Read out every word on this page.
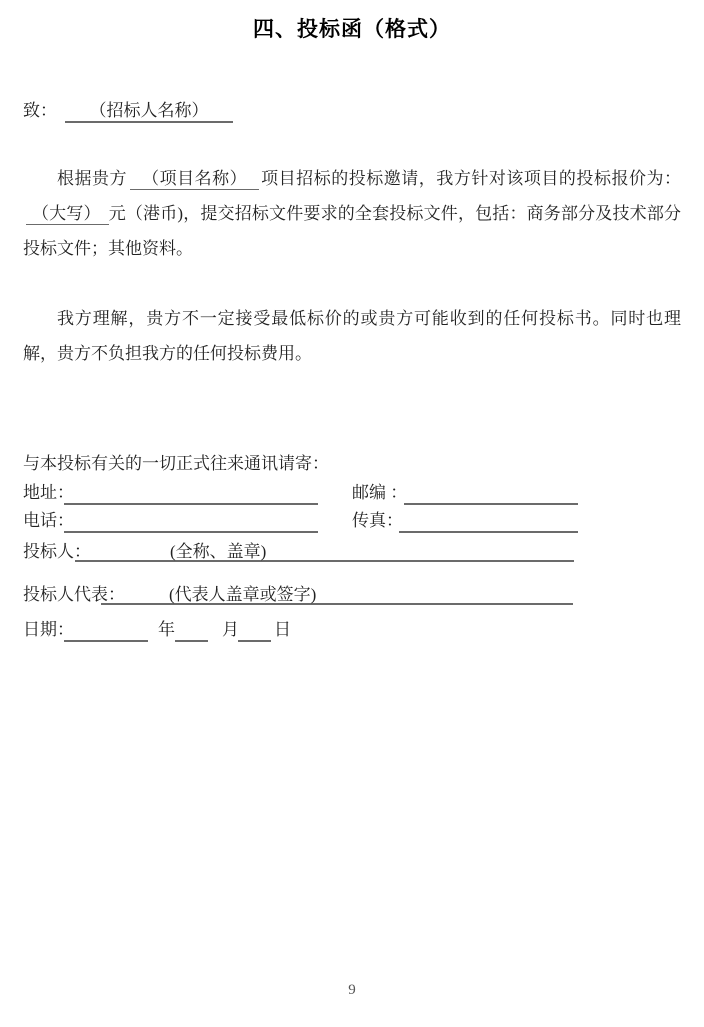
四、投标函（格式）
致： （招标人名称）

根据贵方 （项目名称） 项目招标的投标邀请，我方针对该项目的投标报价为：（大写） 元（港币)，提交招标文件要求的全套投标文件，包括：商务部分及技术部分投标文件；其他资料。

我方理解，贵方不一定接受最低标价的或贵方可能收到的任何投标书。同时也理解，贵方不负担我方的任何投标费用。

与本投标有关的一切正式往来通讯请寄：
地址：	邮编 ：
电话：	传真：
投标人：	(全称、盖章)
投标人代表：	(代表人盖章或签字)
日期：	年	月 日
9
